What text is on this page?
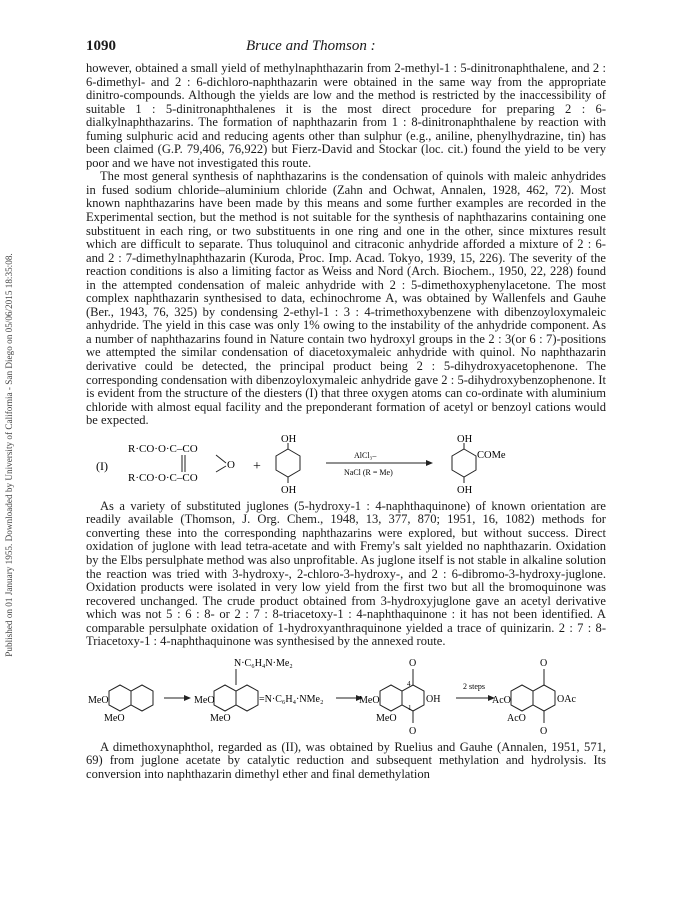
Published on 01 January 1955. Downloaded by University of California - San Diego on 05/06/2015 18:35:08.
1090	Bruce and Thomson :

however, obtained a small yield of methylnaphthazarin from 2-methyl-1 : 5-dinitronaphthalene, and 2 : 6-dimethyl- and 2 : 6-dichloro-naphthazarin were obtained in the same way from the appropriate dinitro-compounds. Although the yields are low and the method is restricted by the inaccessibility of suitable 1 : 5-dinitronaphthalenes it is the most direct procedure for preparing 2 : 6-dialkylnaphthazarins. The formation of naphthazarin from 1 : 8-dinitronaphthalene by reaction with fuming sulphuric acid and reducing agents other than sulphur (e.g., aniline, phenylhydrazine, tin) has been claimed (G.P. 79,406, 76,922) but Fierz-David and Stockar (loc. cit.) found the yield to be very poor and we have not investigated this route.

The most general synthesis of naphthazarins is the condensation of quinols with maleic anhydrides in fused sodium chloride–aluminium chloride (Zahn and Ochwat, Annalen, 1928, 462, 72). Most known naphthazarins have been made by this means and some further examples are recorded in the Experimental section, but the method is not suitable for the synthesis of naphthazarins containing one substituent in each ring, or two substituents in one ring and one in the other, since mixtures result which are difficult to separate. Thus toluquinol and citraconic anhydride afforded a mixture of 2 : 6- and 2 : 7-dimethylnaphthazarin (Kuroda, Proc. Imp. Acad. Tokyo, 1939, 15, 226). The severity of the reaction conditions is also a limiting factor as Weiss and Nord (Arch. Biochem., 1950, 22, 228) found in the attempted condensation of maleic anhydride with 2 : 5-dimethoxyphenylacetone. The most complex naphthazarin synthesised to data, echinochrome A, was obtained by Wallenfels and Gauhe (Ber., 1943, 76, 325) by condensing 2-ethyl-1 : 3 : 4-trimethoxybenzene with dibenzoyloxymaleic anhydride. The yield in this case was only 1% owing to the instability of the anhydride component. As a number of naphthazarins found in Nature contain two hydroxyl groups in the 2 : 3(or 6 : 7)-positions we attempted the similar condensation of diacetoxymaleic anhydride with quinol. No naphthazarin derivative could be detected, the principal product being 2 : 5-dihydroxyacetophenone. The corresponding condensation with dibenzoyloxymaleic anhydride gave 2 : 5-dihydroxybenzophenone. It is evident from the structure of the diesters (I) that three oxygen atoms can co-ordinate with aluminium chloride with almost equal facility and the preponderant formation of acetyl or benzoyl cations would be expected.

(I)
R·CO·O·C–CO
R·CO·O·C–CO
O +
OH
OH
AlCl₃–
NaCl (R = Me)
OH
OH
COMe

As a variety of substituted juglones (5-hydroxy-1 : 4-naphthaquinone) of known orientation are readily available (Thomson, J. Org. Chem., 1948, 13, 377, 870; 1951, 16, 1082) methods for converting these into the corresponding naphthazarins were explored, but without success. Direct oxidation of juglone with lead tetra-acetate and with Fremy's salt yielded no naphthazarin. Oxidation by the Elbs persulphate method was also unprofitable. As juglone itself is not stable in alkaline solution the reaction was tried with 3-hydroxy-, 2-chloro-3-hydroxy-, and 2 : 6-dibromo-3-hydroxy-juglone. Oxidation products were isolated in very low yield from the first two but all the bromoquinone was recovered unchanged. The crude product obtained from 3-hydroxyjuglone gave an acetyl derivative which was not 5 : 6 : 8- or 2 : 7 : 8-triacetoxy-1 : 4-naphthaquinone : it has not been identified. A comparable persulphate oxidation of 1-hydroxyanthraquinone yielded a trace of quinizarin. 2 : 7 : 8-Triacetoxy-1 : 4-naphthaquinone was synthesised by the annexed route.

MeO
MeO
N·C₆H₄N·Me₂
MeO
MeO
=N·C₆H₄·NMe₂
O
4
1
MeO
MeO
O
OH
2 steps
O
AcO
AcO
O
OAc

A dimethoxynaphthol, regarded as (II), was obtained by Ruelius and Gauhe (Annalen, 1951, 571, 69) from juglone acetate by catalytic reduction and subsequent methylation and hydrolysis. Its conversion into naphthazarin dimethyl ether and final demethylation
